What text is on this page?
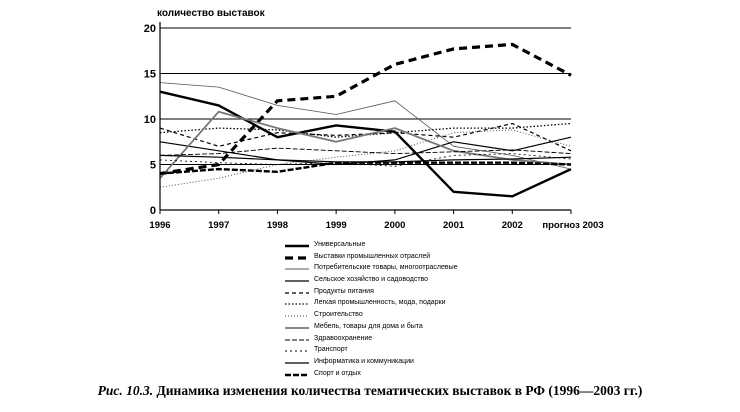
0
5
10
15
20
1996	1997	1998	1999	2000	2001	2002 прогноз 2003
количество выставок
Универсальные
Выставки промышленных отраслей
Потребительские товары, многоотраслевые
Сельское хозяйство и садоводство
Продукты питания
Легкая промышленность, мода, подарки
Строительство
Мебель, товары для дома и быта
Здравоохранение
Транспорт
Информатика и коммуникации
Спорт и отдых
Рис. 10.3. Динамика изменения количества тематических выставок в РФ (1996—2003 гг.)
